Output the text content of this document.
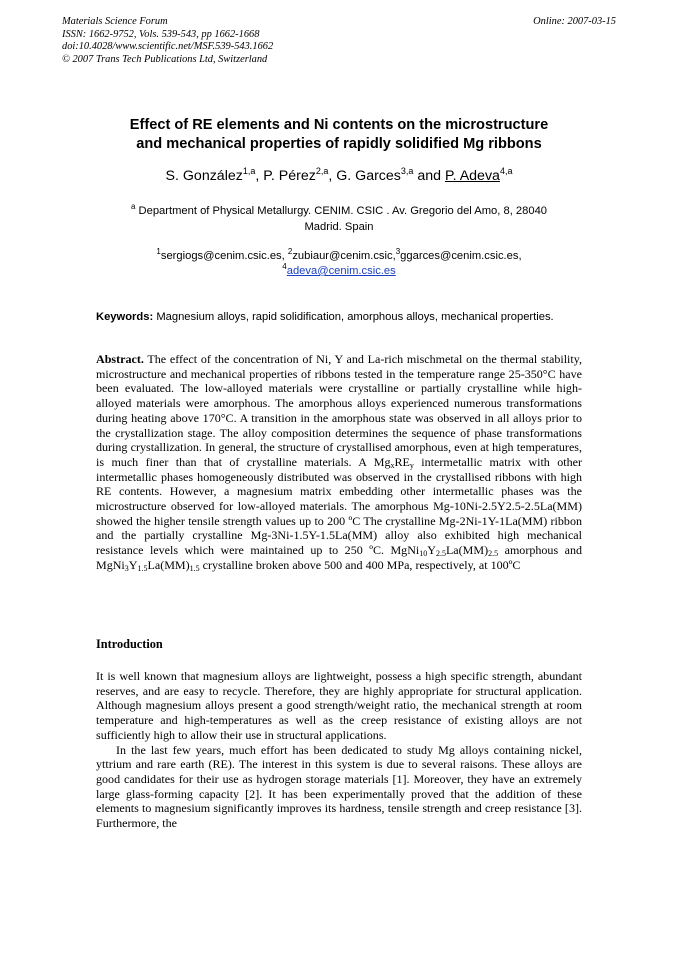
Materials Science Forum
ISSN: 1662-9752, Vols. 539-543, pp 1662-1668
doi:10.4028/www.scientific.net/MSF.539-543.1662
© 2007 Trans Tech Publications Ltd, Switzerland
Online: 2007-03-15
Effect of RE elements and Ni contents on the microstructure
and mechanical properties of rapidly solidified Mg ribbons
S. González$^{1,a}$, P. Pérez$^{2,a}$, G. Garces$^{3,a}$ and P. Adeva$^{4,a}$
$^a$ Department of Physical Metallurgy. CENIM. CSIC . Av. Gregorio del Amo, 8, 28040
Madrid. Spain
$^1$sergiogs@cenim.csic.es, $^2$zubiaur@cenim.csic,$^3$ggarces@cenim.csic.es,
$^4$adeva@cenim.csic.es
Keywords: Magnesium alloys, rapid solidification, amorphous alloys, mechanical properties.
Abstract. The effect of the concentration of Ni, Y and La-rich mischmetal on the thermal stability, microstructure and mechanical properties of ribbons tested in the temperature range 25-350°C have been evaluated. The low-alloyed materials were crystalline or partially crystalline while high-alloyed materials were amorphous. The amorphous alloys experienced numerous transformations during heating above 170°C. A transition in the amorphous state was observed in all alloys prior to the crystallization stage. The alloy composition determines the sequence of phase transformations during crystallization. In general, the structure of crystallised amorphous, even at high temperatures, is much finer than that of crystalline materials. A $Mg_xRE_y$ intermetallic matrix with other intermetallic phases homogeneously distributed was observed in the crystallised ribbons with high RE contents. However, a magnesium matrix embedding other intermetallic phases was the microstructure observed for low-alloyed materials. The amorphous Mg-10Ni-2.5Y2.5-2.5La(MM) showed the higher tensile strength values up to 200 ºC The crystalline Mg-2Ni-1Y-1La(MM) ribbon and the partially crystalline Mg-3Ni-1.5Y-1.5La(MM) alloy also exhibited high mechanical resistance levels which were maintained up to 250 ºC. $MgNi_{10}Y_{2.5}La(MM)_{2.5}$ amorphous and $MgNi_3Y_{1.5}La(MM)_{1.5}$ crystalline broken above 500 and 400 MPa, respectively, at 100ºC
Introduction

It is well known that magnesium alloys are lightweight, possess a high specific strength, abundant reserves, and are easy to recycle. Therefore, they are highly appropriate for structural application. Although magnesium alloys present a good strength/weight ratio, the mechanical strength at room temperature and high-temperatures as well as the creep resistance of existing alloys are not sufficiently high to allow their use in structural applications.

In the last few years, much effort has been dedicated to study Mg alloys containing nickel, yttrium and rare earth (RE). The interest in this system is due to several raisons. These alloys are good candidates for their use as hydrogen storage materials [1]. Moreover, they have an extremely large glass-forming capacity [2]. It has been experimentally proved that the addition of these elements to magnesium significantly improves its hardness, tensile strength and creep resistance [3]. Furthermore, the
